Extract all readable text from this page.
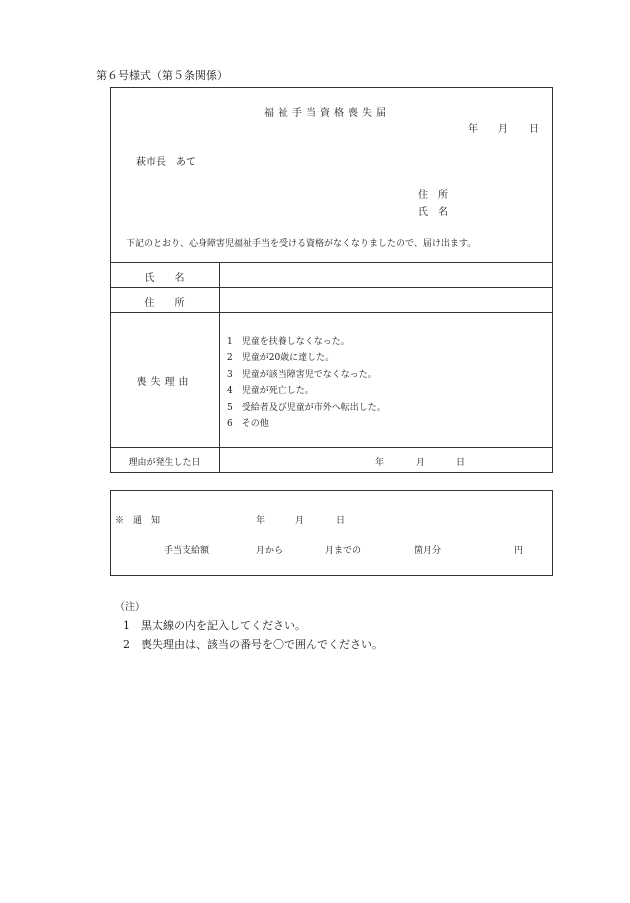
第６号様式（第５条関係）
福祉手当資格喪失届
年 月 日
萩市長　あて
住　所
氏　名
下記のとおり、心身障害児福祉手当を受ける資格がなくなりましたので、届け出ます。
氏　　名
住　　所
喪失理由
1　児童を扶養しなくなった。
2　児童が20歳に達した。
3　児童が該当障害児でなくなった。
4　児童が死亡した。
5　受給者及び児童が市外へ転出した。
6　その他
理由が発生した日	年	月	日
※　通　知	年	月	日
手当支給額	月から	月までの	箇月分	円
（注）
1　黒太線の内を記入してください。
2　喪失理由は、該当の番号を〇で囲んでください。
